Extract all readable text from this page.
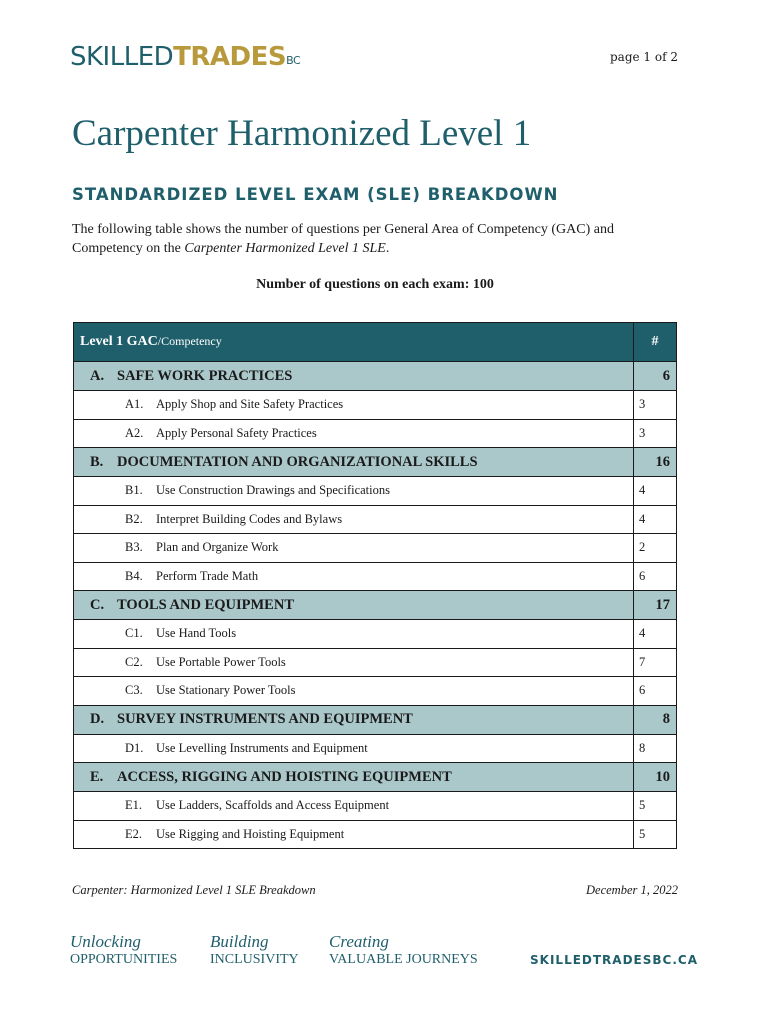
$SKILLEDTRADES^{BC}$	page 1 of 2
Carpenter Harmonized Level 1
STANDARDIZED LEVEL EXAM (SLE) BREAKDOWN
The following table shows the number of questions per General Area of Competency (GAC) and Competency on the Carpenter Harmonized Level 1 SLE.
Number of questions on each exam: 100
Level 1 GAC/Competency	#
A. SAFE WORK PRACTICES	6
A1. Apply Shop and Site Safety Practices	3
A2. Apply Personal Safety Practices	3
B. DOCUMENTATION AND ORGANIZATIONAL SKILLS	16
B1. Use Construction Drawings and Specifications	4
B2. Interpret Building Codes and Bylaws	4
B3. Plan and Organize Work	2
B4. Perform Trade Math	6
C. TOOLS AND EQUIPMENT	17
C1. Use Hand Tools	4
C2. Use Portable Power Tools	7
C3. Use Stationary Power Tools	6
D. SURVEY INSTRUMENTS AND EQUIPMENT	8
D1. Use Levelling Instruments and Equipment	8
E. ACCESS, RIGGING AND HOISTING EQUIPMENT	10
E1. Use Ladders, Scaffolds and Access Equipment	5
E2. Use Rigging and Hoisting Equipment	5
Carpenter: Harmonized Level 1 SLE Breakdown	December 1, 2022
Unlocking
OPPORTUNITIES
Building
INCLUSIVITY
Creating
VALUABLE JOURNEYS	SKILLEDTRADESBC.CA
